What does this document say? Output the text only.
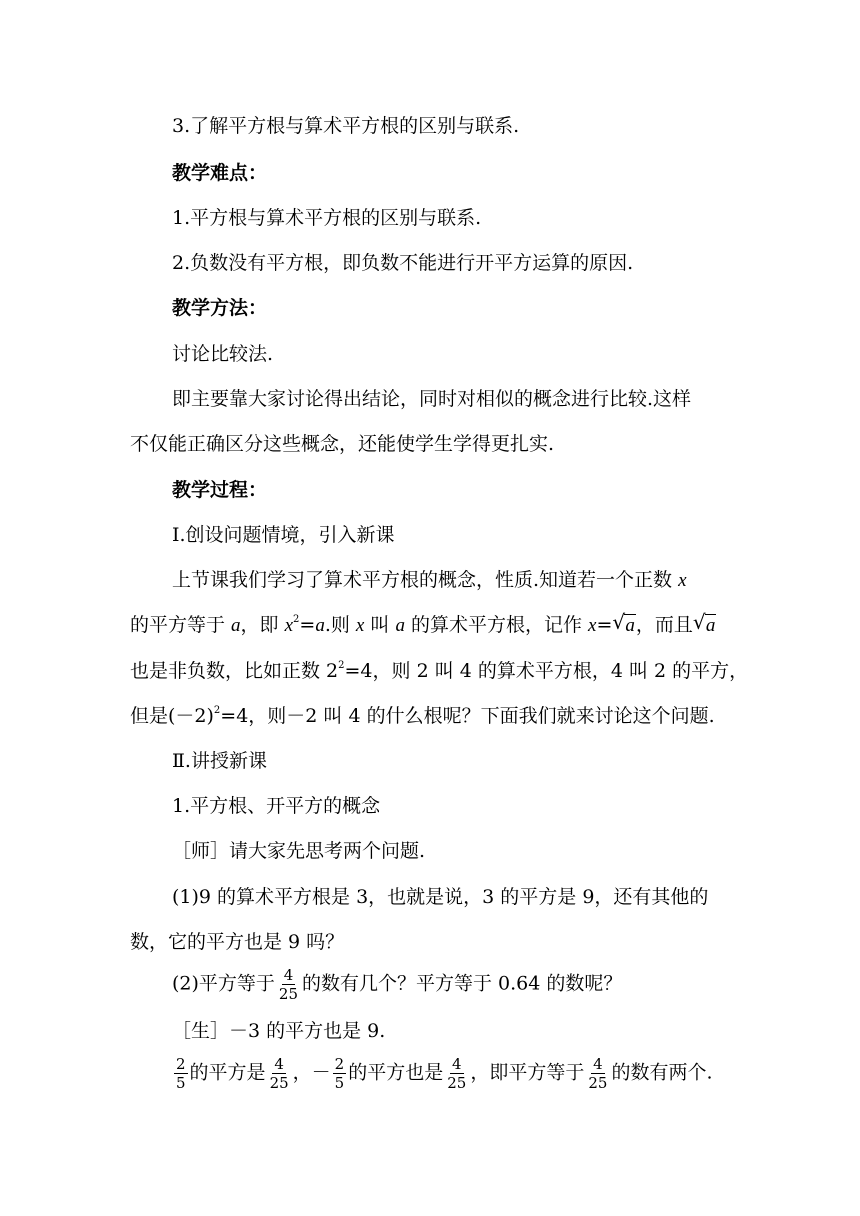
3.了解平方根与算术平方根的区别与联系.
教学难点：
1.平方根与算术平方根的区别与联系.
2.负数没有平方根，即负数不能进行开平方运算的原因.
教学方法：
讨论比较法.
即主要靠大家讨论得出结论，同时对相似的概念进行比较.这样
不仅能正确区分这些概念，还能使学生学得更扎实.
教学过程：
Ⅰ.创设问题情境，引入新课
上节课我们学习了算术平方根的概念，性质.知道若一个正数 x
的平方等于 a，即 $x^2=a$.则 x 叫 a 的算术平方根，记作 x= √ a，而且 √ a
也是非负数，比如正数 $2^2=4$，则 2 叫 4 的算术平方根，4 叫 2 的平方，
但是$(-2)^2=4$，则－2 叫 4 的什么根呢？下面我们就来讨论这个问题.
Ⅱ.讲授新课
1.平方根、开平方的概念
［师］请大家先思考两个问题.
(1)9 的算术平方根是 3，也就是说，3 的平方是 9，还有其他的
数，它的平方也是 9 吗？
(2)平方等于 $\frac{4}{25}$ 的数有几个？平方等于 0.64 的数呢？
［生］－3 的平方也是 9.
$\frac{2}{5}$ 的平方是 $\frac{4}{25}$ ，－ $\frac{2}{5}$ 的平方也是 $\frac{4}{25}$ ，即平方等于 $\frac{4}{25}$ 的数有两个.
